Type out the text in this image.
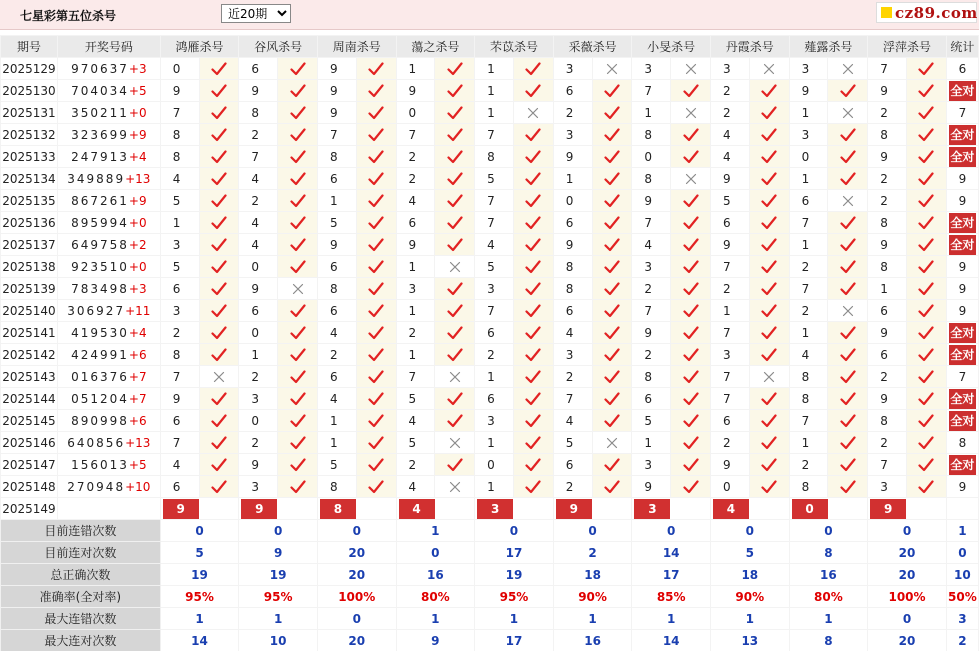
七星彩第五位杀号
近20期	cz89.com
期号	开奖号码	鸿雁杀号		谷风杀号		周南杀号		蕩之杀号		芣苡杀号		采薇杀号		小旻杀号		丹霞杀号		薤露杀号		浮萍杀号		统计
2025129	970637+3	0		6		9		1		1		3		3		3		3		7		6
2025130	704034+5	9		9		9		9		1		6		7		2		9		9		全对
2025131	350211+0	7		8		9		0		1		2		1		2		1		2		7
2025132	323699+9	8		2		7		7		7		3		8		4		3		8		全对
2025133	247913+4	8		7		8		2		8		9		0		4		0		9		全对
2025134	349889+13	4		4		6		2		5		1		8		9		1		2		9
2025135	867261+9	5		2		1		4		7		0		9		5		6		2		9
2025136	895994+0	1		4		5		6		7		6		7		6		7		8		全对
2025137	649758+2	3		4		9		9		4		9		4		9		1		9		全对
2025138	923510+0	5		0		6		1		5		8		3		7		2		8		9
2025139	783498+3	6		9		8		3		3		8		2		2		7		1		9
2025140	306927+11	3		6		6		1		7		6		7		1		2		6		9
2025141	419530+4	2		0		4		2		6		4		9		7		1		9		全对
2025142	424991+6	8		1		2		1		2		3		2		3		4		6		全对
2025143	016376+7	7		2		6		7		1		2		8		7		8		2		7
2025144	051204+7	9		3		4		5		6		7		6		7		8		9		全对
2025145	890998+6	6		0		1		4		3		4		5		6		7		8		全对
2025146	640856+13	7		2		1		5		1		5		1		2		1		2		8
2025147	156013+5	4		9		5		2		0		6		3		9		2		7		全对
2025148	270948+10	6		3		8		4		1		2		9		0		8		3		9
2025149	当前期杀号	9		9		8		4		3		9		3		4		0		9		
目前连错次数		0		0		0		1		0		0		0		0		0		0		1
目前连对次数		5		9		20		0		17		2		14		5		8		20		0
总正确次数		19		19		20		16		19		18		17		18		16		20		10
准确率(全对率)		95%		95%		100%		80%		95%		90%		85%		90%		80%		100%		50%
最大连错次数		1		1		0		1		1		1		1		1		1		0		3
最大连对次数		14		10		20		9		17		16		14		13		8		20		2
